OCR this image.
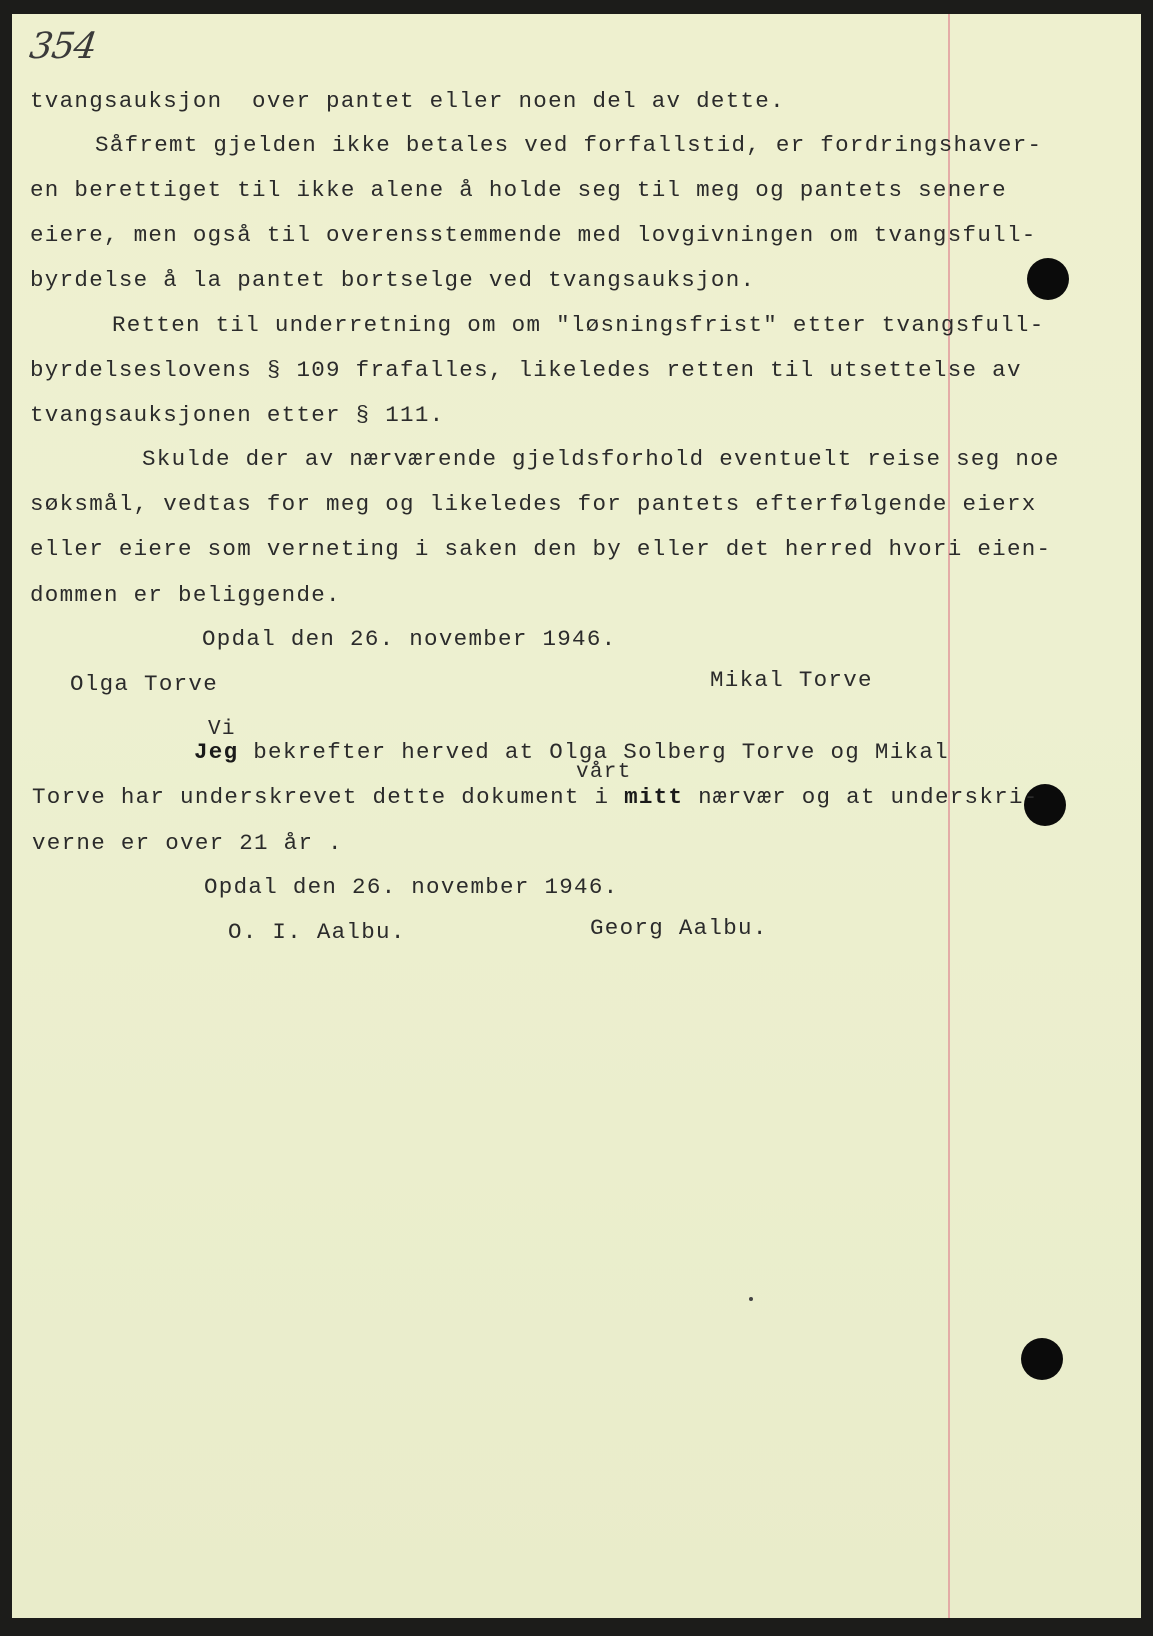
354
tvangsauksjon  over pantet eller noen del av dette.
Såfremt gjelden ikke betales ved forfallstid, er fordringshaver-
en berettiget til ikke alene å holde seg til meg og pantets senere
eiere, men også til overensstemmende med lovgivningen om tvangsfull-
byrdelse å la pantet bortselge ved tvangsauksjon.
Retten til underretning om om "løsningsfrist" etter tvangsfull-
byrdelseslovens § 109 frafalles, likeledes retten til utsettelse av
tvangsauksjonen etter § 111.
Skulde der av nærværende gjeldsforhold eventuelt reise seg noe
søksmål, vedtas for meg og likeledes for pantets efterfølgende eierx
eller eiere som verneting i saken den by eller det herred hvori eien-
dommen er beliggende.
Opdal den 26. november 1946.
Olga Torve	Mikal Torve
Vi
Jeg bekrefter herved at Olga Solberg Torve og Mikal
vårt
Torve har underskrevet dette dokument i mitt nærvær og at underskri-
verne er over 21 år .
Opdal den 26. november 1946.
O. I. Aalbu.	Georg Aalbu.
